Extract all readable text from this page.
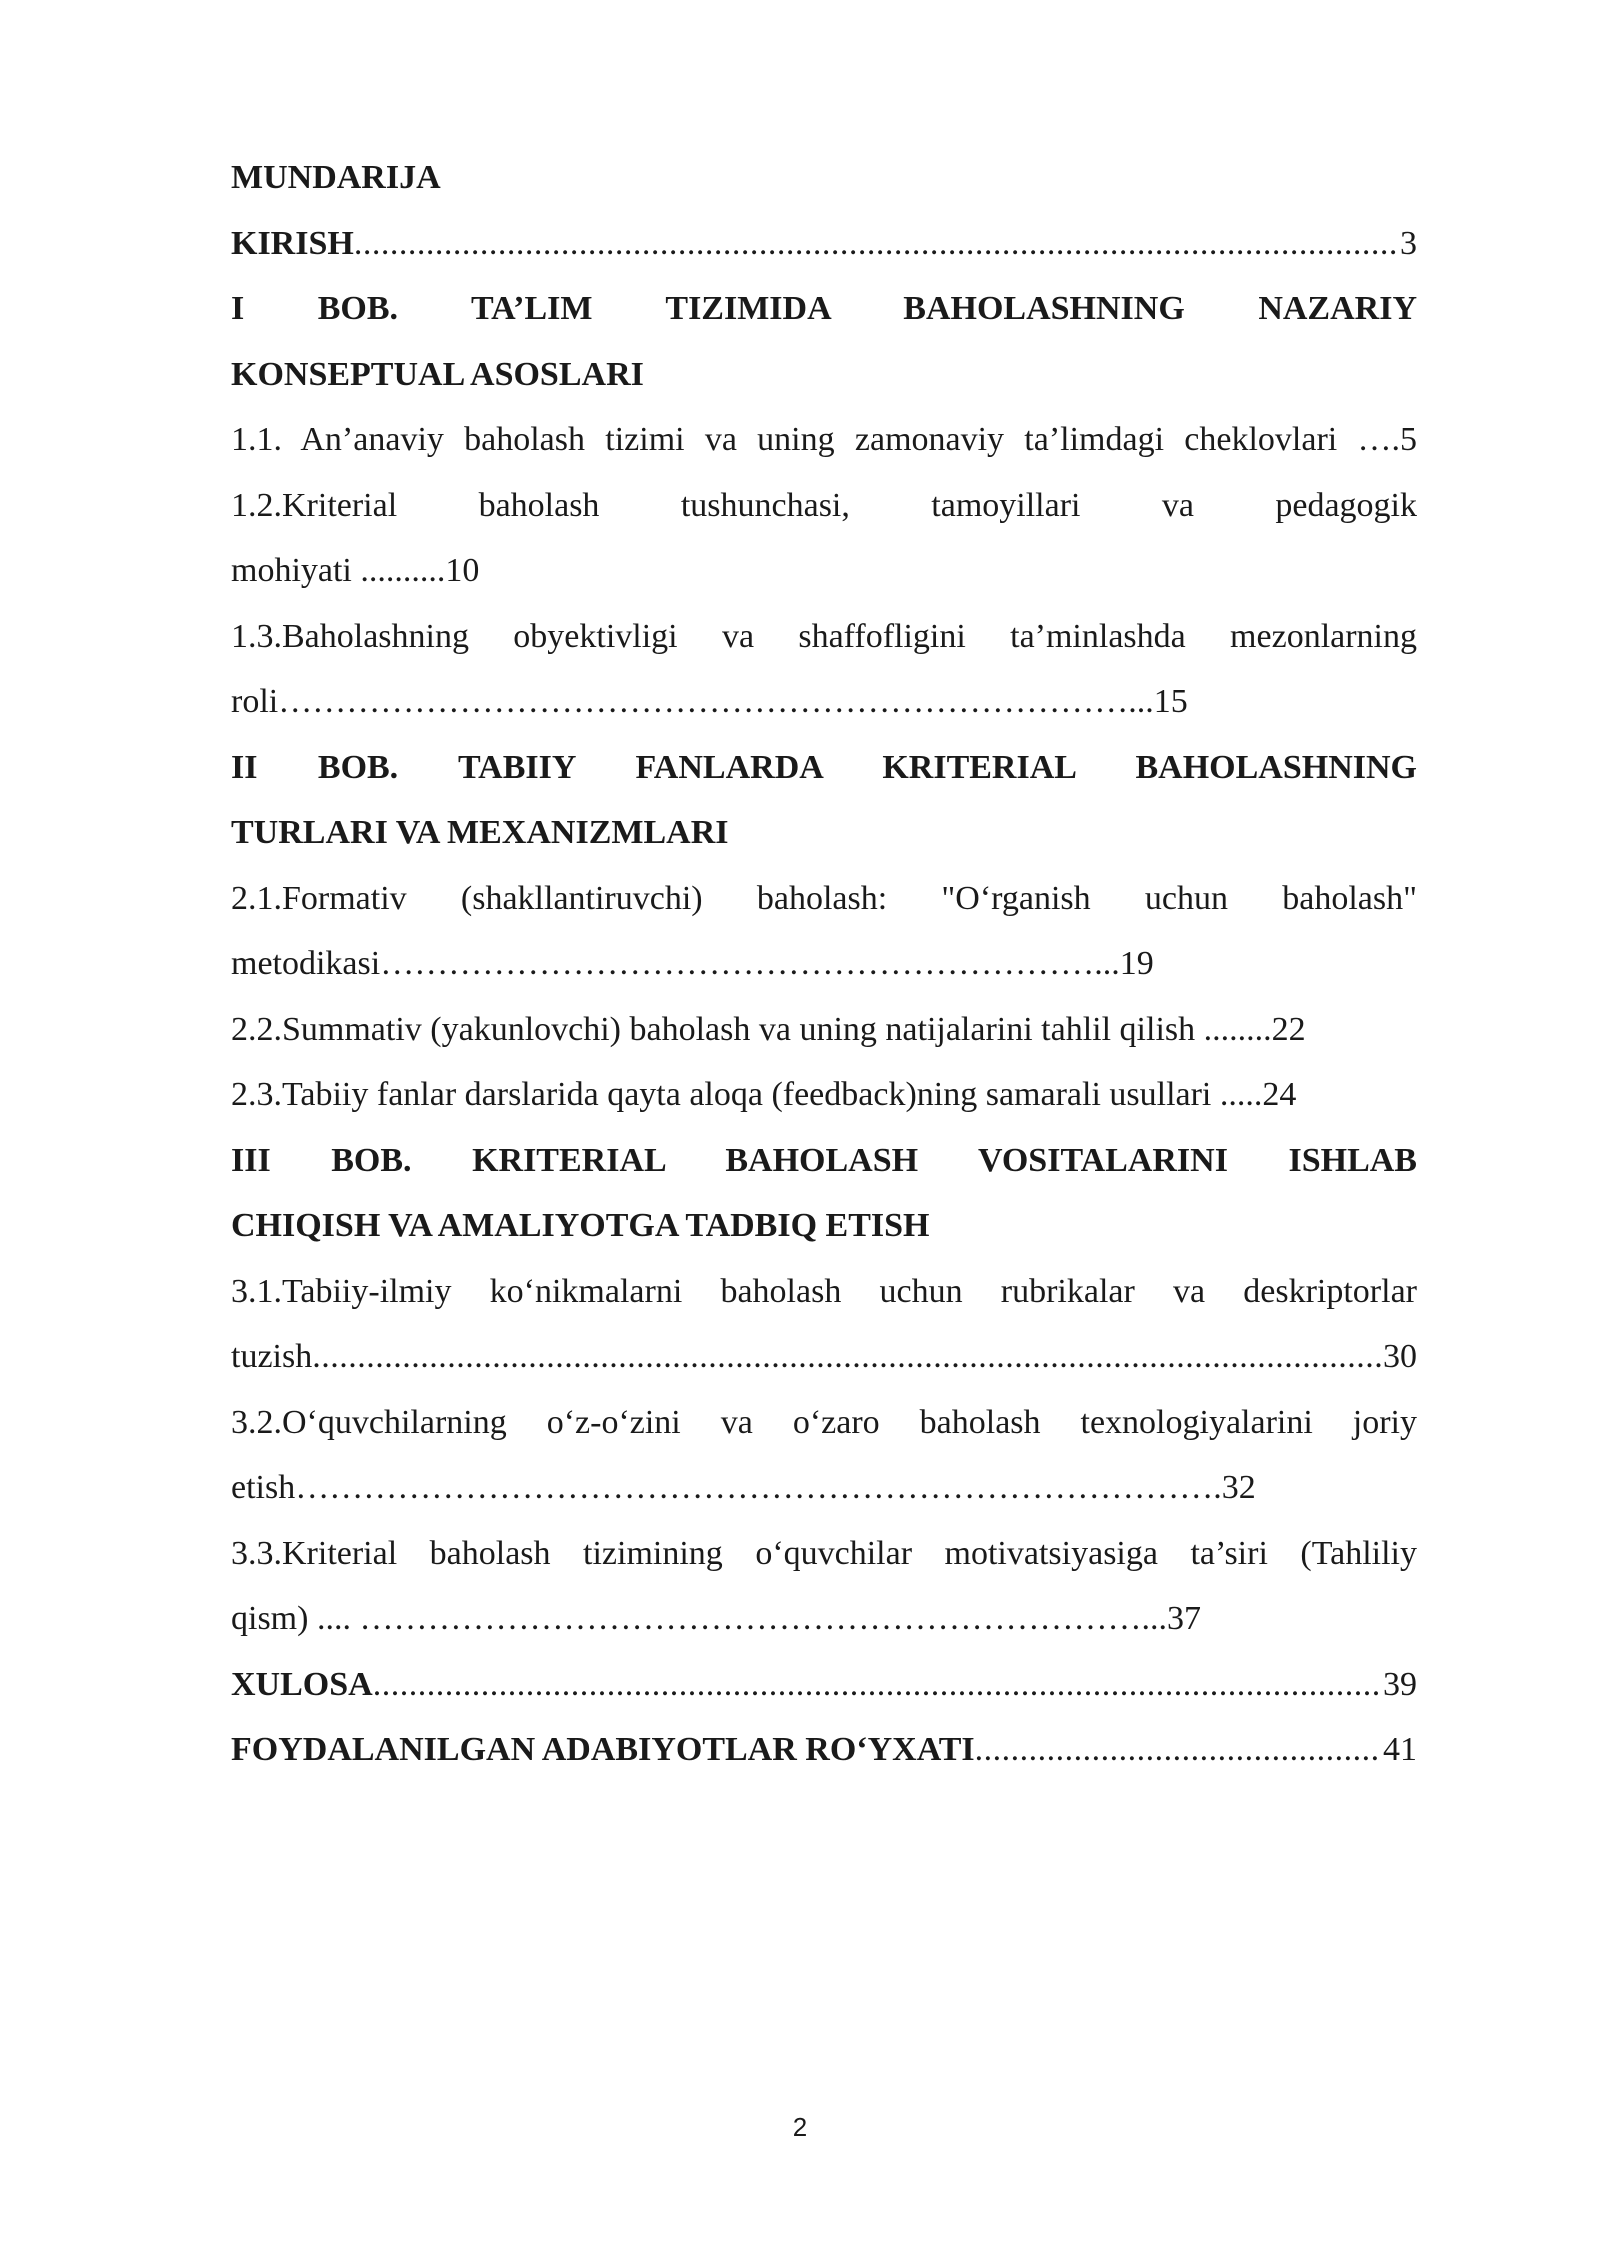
MUNDARIJA
KIRISH ................................................................................................... .....	3
I BOB. TA’LIM TIZIMIDA BAHOLASHNING NAZARIY
KONSEPTUAL ASOSLARI
1.1. An’anaviy baholash tizimi va uning zamonaviy ta’limdagi cheklovlari ….5
1.2.Kriterial baholash tushunchasi, tamoyillari va pedagogik
mohiyati ..........10
1.3.Baholashning obyektivligi va shaffofligini ta’minlashda mezonlarning
roli…………………………………………………………………...15
II BOB. TABIIY FANLARDA KRITERIAL BAHOLASHNING
TURLARI VA MEXANIZMLARI
2.1.Formativ (shakllantiruvchi) baholash: "O‘rganish uchun baholash"
metodikasi………………………………………………………...19
2.2.Summativ (yakunlovchi) baholash va uning natijalarini tahlil qilish ........22
2.3.Tabiiy fanlar darslarida qayta aloqa (feedback)ning samarali usullari .....24
III BOB. KRITERIAL BAHOLASH VOSITALARINI ISHLAB
CHIQISH VA AMALIYOTGA TADBIQ ETISH
3.1.Tabiiy-ilmiy ko‘nikmalarni baholash uchun rubrikalar va deskriptorlar
tuzish .......................................................................................... .....	30
3.2.O‘quvchilarning o‘z-o‘zini va o‘zaro baholash texnologiyalarini joriy
etish……………………………………………………………………….32
3.3.Kriterial baholash tizimining o‘quvchilar motivatsiyasiga ta’siri (Tahliliy
qism) .... ……………………………………………………………...37
XULOSA ........................................................................................ .....	39
FOYDALANILGAN ADABIYOTLAR RO‘YXATI .............................. .....	41
2
